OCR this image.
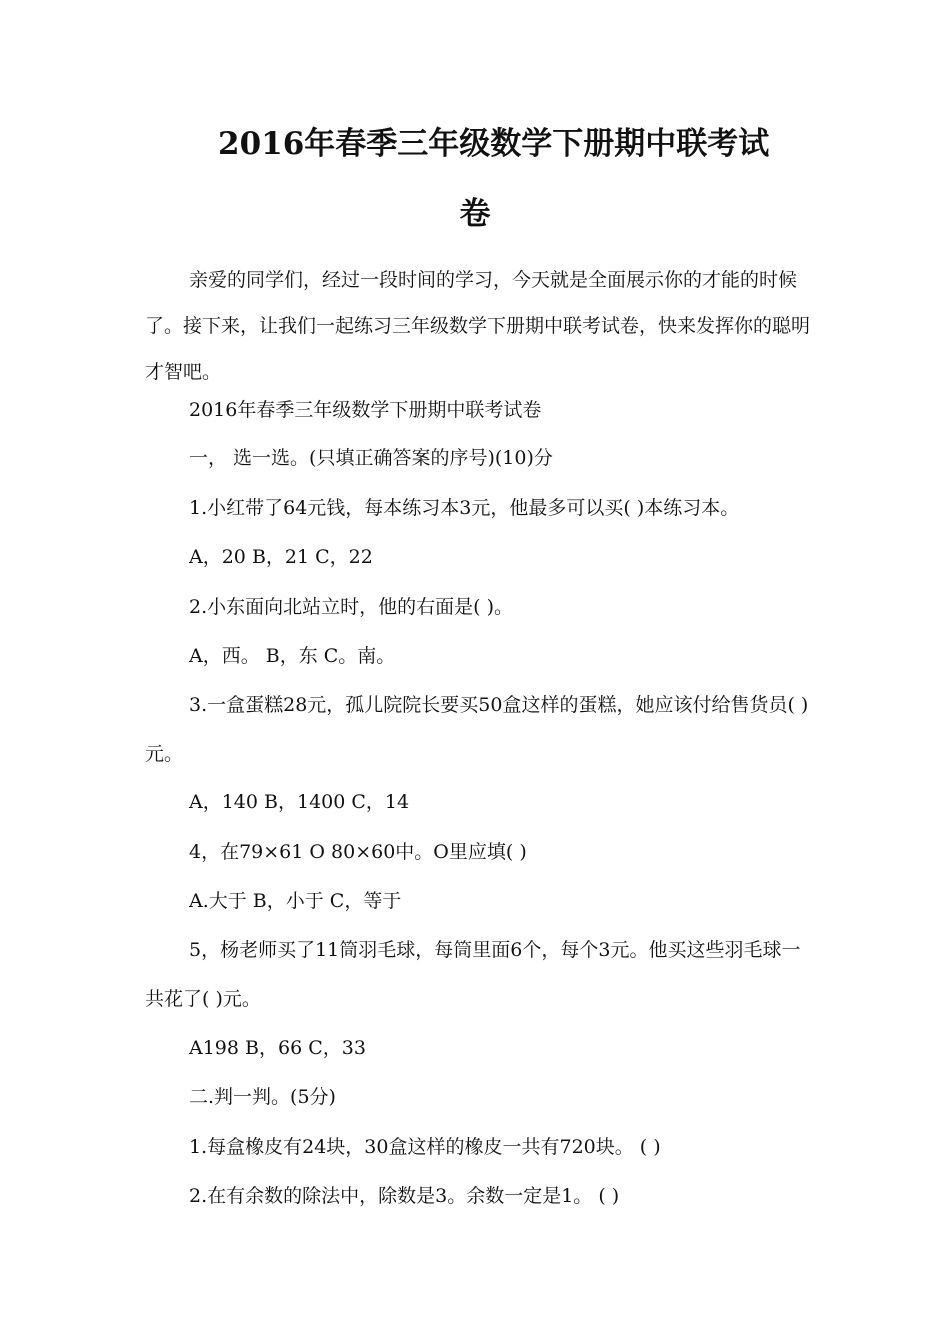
2016年春季三年级数学下册期中联考试
卷

亲爱的同学们，经过一段时间的学习，今天就是全面展示你的才能的时候了。接下来，让我们一起练习三年级数学下册期中联考试卷，快来发挥你的聪明才智吧。

2016年春季三年级数学下册期中联考试卷

一， 选一选。(只填正确答案的序号)(10)分

1.小红带了64元钱，每本练习本3元，他最多可以买( )本练习本。

A，20 B，21 C，22

2.小东面向北站立时，他的右面是( )。

A，西。 B，东 C。南。

3.一盒蛋糕28元，孤儿院院长要买50盒这样的蛋糕，她应该付给售货员( )元。

A，140 B，1400 C，14

4，在79×61 O 80×60中。O里应填( )

A.大于 B，小于 C，等于

5，杨老师买了11筒羽毛球，每筒里面6个，每个3元。他买这些羽毛球一共花了( )元。

A198 B，66 C，33

二.判一判。(5分)

1.每盒橡皮有24块，30盒这样的橡皮一共有720块。 ( )

2.在有余数的除法中，除数是3。余数一定是1。 ( )
